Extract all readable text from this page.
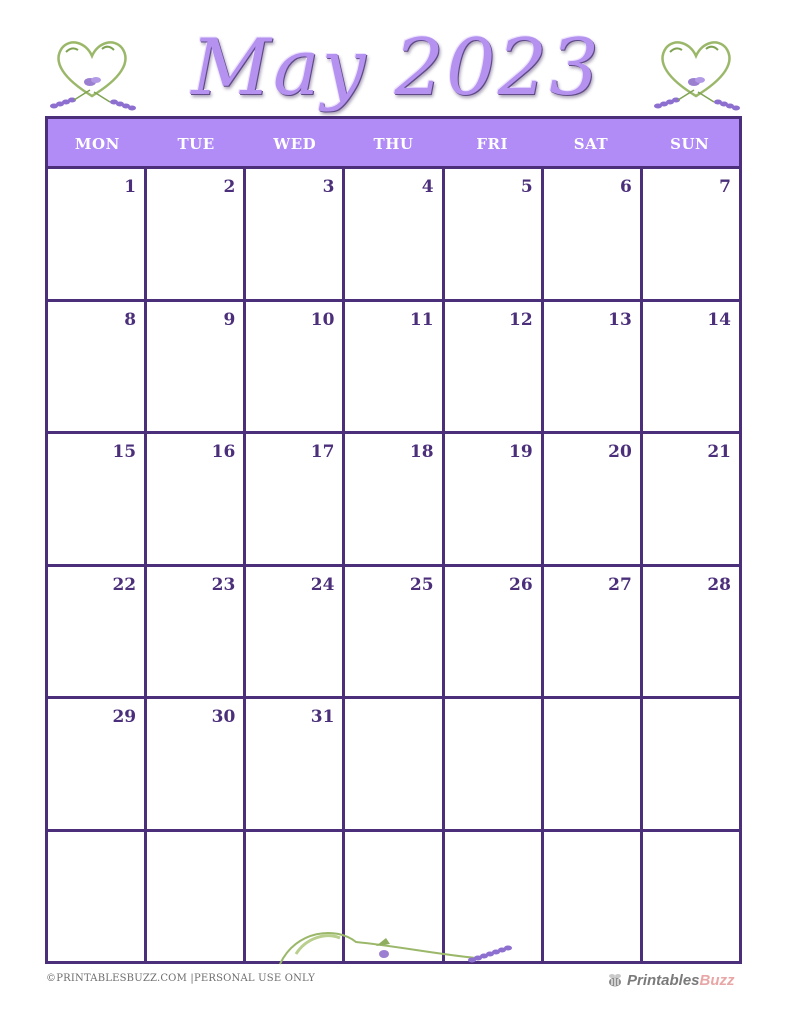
May 2023
MON	TUE	WED	THU	FRI	SAT	SUN
1	2	3	4	5	6	7
8	9	10	11	12	13	14
15	16	17	18	19	20	21
22	23	24	25	26	27	28
29	30	31
©PRINTABLESBUZZ.COM |PERSONAL USE ONLY	Printables Buzz
